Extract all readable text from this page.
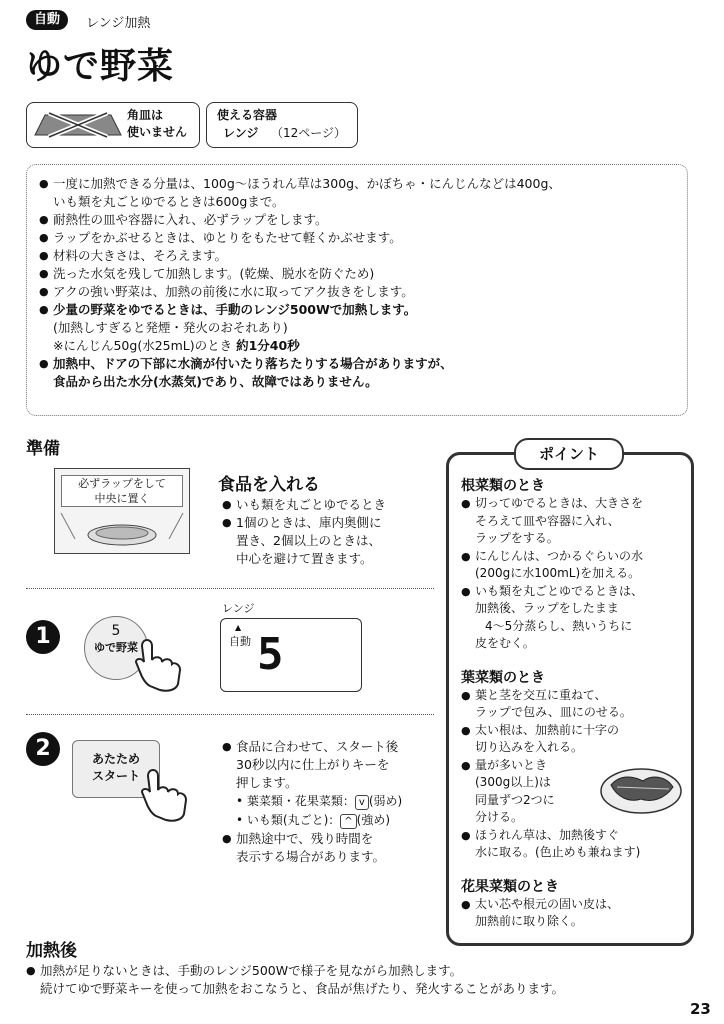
自動	レンジ加熱
ゆで野菜
角皿は
使いません
使える容器
レンジ （12ページ）
● 一度に加熱できる分量は、100g～ほうれん草は300g、かぼちゃ・にんじんなどは400g、
いも類を丸ごとゆでるときは600gまで。
● 耐熱性の皿や容器に入れ、必ずラップをします。
● ラップをかぶせるときは、ゆとりをもたせて軽くかぶせます。
● 材料の大きさは、そろえます。
● 洗った水気を残して加熱します。(乾燥、脱水を防ぐため)
● アクの強い野菜は、加熱の前後に水に取ってアク抜きをします。
● 少量の野菜をゆでるときは、手動のレンジ500Wで加熱します。
(加熱しすぎると発煙・発火のおそれあり)
※にんじん50g(水25mL)のとき 約1分40秒
● 加熱中、ドアの下部に水滴が付いたり落ちたりする場合がありますが、
食品から出た水分(水蒸気)であり、故障ではありません。
準備
必ずラップをして
中央に置く
食品を入れる
● いも類を丸ごとゆでるとき
● 1個のときは、庫内奥側に
置き、2個以上のときは、
中心を避けて置きます。
1	5
ゆで野菜
レンジ
自動
▲
5
2	あたため
スタート
● 食品に合わせて、スタート後
30秒以内に仕上がりキーを
押します。
• 葉菜類・花果菜類： v (弱め)
• いも類(丸ごと)： ^ (強め)
● 加熱途中で、残り時間を
表示する場合があります。
根菜類のとき
● 切ってゆでるときは、大きさを
そろえて皿や容器に入れ、
ラップをする。
● にんじんは、つかるぐらいの水
(200gに水100mL)を加える。
● いも類を丸ごとゆでるときは、
加熱後、ラップをしたまま
4～5分蒸らし、熱いうちに
皮をむく。
葉菜類のとき
● 葉と茎を交互に重ねて、
ラップで包み、皿にのせる。
● 太い根は、加熱前に十字の
切り込みを入れる。
● 量が多いとき
(300g以上)は
同量ずつ2つに
分ける。
● ほうれん草は、加熱後すぐ
水に取る。(色止めも兼ねます)
花果菜類のとき
● 太い芯や根元の固い皮は、
加熱前に取り除く。
ポイント
加熱後
● 加熱が足りないときは、手動のレンジ500Wで様子を見ながら加熱します。
続けてゆで野菜キーを使って加熱をおこなうと、食品が焦げたり、発火することがあります。
23
